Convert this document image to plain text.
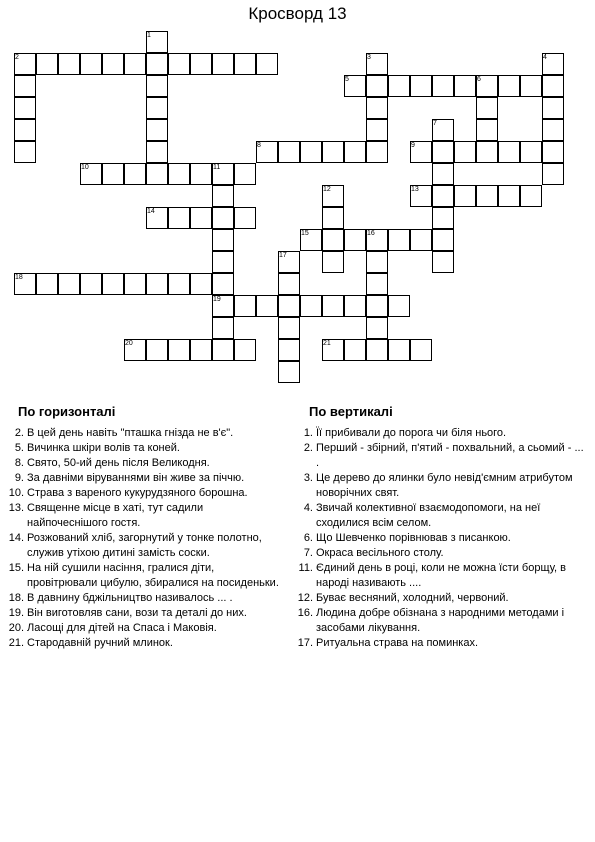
Кросворд 13
2
1
3	4
5	6
7
8	9
10	11
12	13
14
15	16
17
18
19
20	21
По горизонталі
2. В цей день навіть "пташка гнізда не в'є".
5. Вичинка шкіри волів та коней.
8. Свято, 50-ий день після Великодня.
9. За давніми віруваннями він живе за піччю.
10. Страва з вареного кукурудзяного борошна.
13. Священне місце в хаті, тут садили найпочеснішого гостя.
14. Розжований хліб, загорнутий у тонке полотно, служив утіхою дитині замість соски.
15. На ній сушили насіння, гралися діти, провітрювали цибулю, збиралися на посиденьки.
18. В давнину бджільництво називалось ... .
19. Він виготовляв сани, вози та деталі до них.
20. Ласощі для дітей на Спаса і Маковія.
21. Стародавній ручний млинок.
По вертикалі
1. Її прибивали до порога чи біля нього.
2. Перший - збірний, п'ятий - похвальний, а сьомий - ... .
3. Це дерево до ялинки було невід'ємним атрибутом новорічних свят.
4. Звичай колективної взаємодопомоги, на неї сходилися всім селом.
6. Що Шевченко порівнював з писанкою.
7. Окраса весільного столу.
11. Єдиний день в році, коли не можна їсти борщу, в народі називають ....
12. Буває весняний, холодний, червоний.
16. Людина добре обізнана з народними методами і засобами лікування.
17. Ритуальна страва на поминках.
